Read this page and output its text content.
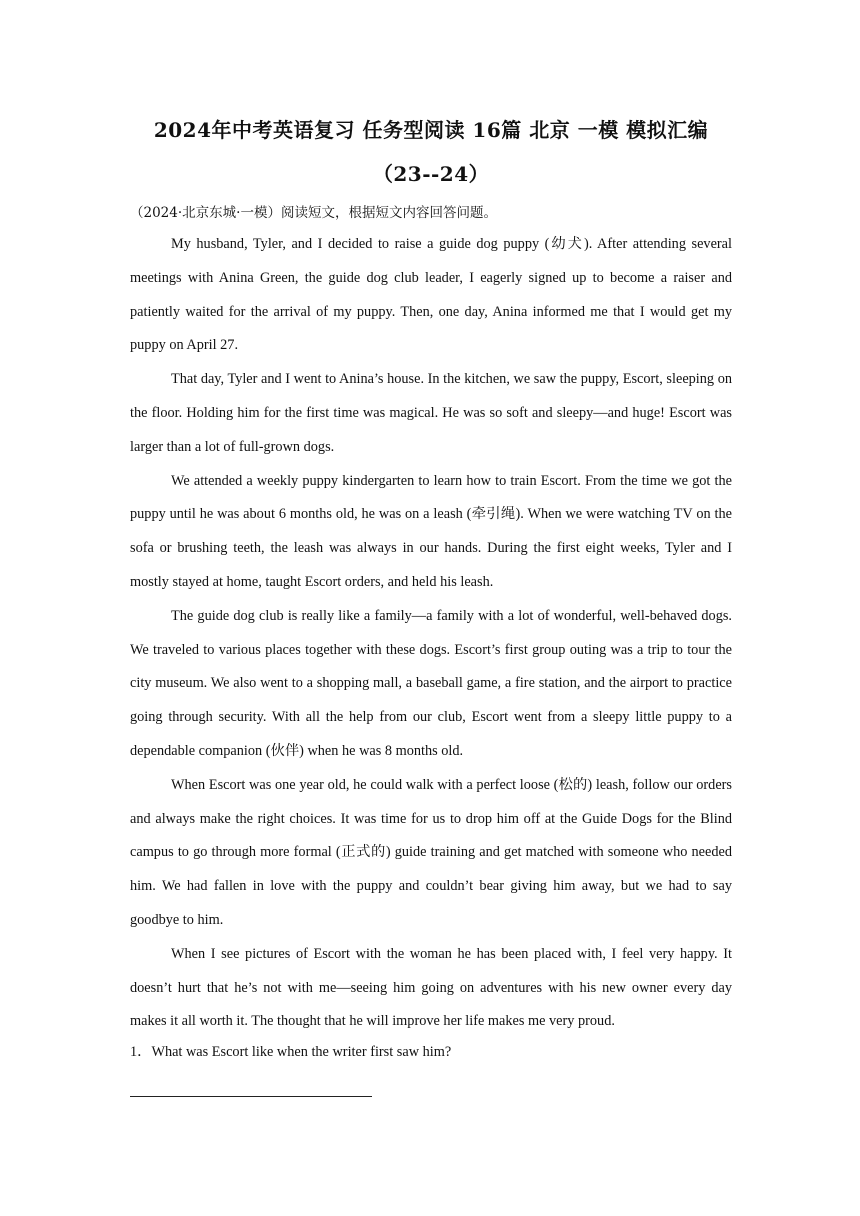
2024年中考英语复习 任务型阅读 16篇 北京 一模 模拟汇编
（23--24）
（2024·北京东城·一模）阅读短文，根据短文内容回答问题。

My husband, Tyler, and I decided to raise a guide dog puppy (幼犬). After attending several meetings with Anina Green, the guide dog club leader, I eagerly signed up to become a raiser and patiently waited for the arrival of my puppy. Then, one day, Anina informed me that I would get my puppy on April 27.

That day, Tyler and I went to Anina’s house. In the kitchen, we saw the puppy, Escort, sleeping on the floor. Holding him for the first time was magical. He was so soft and sleepy—and huge! Escort was larger than a lot of full-grown dogs.

We attended a weekly puppy kindergarten to learn how to train Escort. From the time we got the puppy until he was about 6 months old, he was on a leash (牵引绳). When we were watching TV on the sofa or brushing teeth, the leash was always in our hands. During the first eight weeks, Tyler and I mostly stayed at home, taught Escort orders, and held his leash.

The guide dog club is really like a family—a family with a lot of wonderful, well-behaved dogs. We traveled to various places together with these dogs. Escort’s first group outing was a trip to tour the city museum. We also went to a shopping mall, a baseball game, a fire station, and the airport to practice going through security. With all the help from our club, Escort went from a sleepy little puppy to a dependable companion (伙伴) when he was 8 months old.

When Escort was one year old, he could walk with a perfect loose (松的) leash, follow our orders and always make the right choices. It was time for us to drop him off at the Guide Dogs for the Blind campus to go through more formal (正式的) guide training and get matched with someone who needed him. We had fallen in love with the puppy and couldn’t bear giving him away, but we had to say goodbye to him.

When I see pictures of Escort with the woman he has been placed with, I feel very happy. It doesn’t hurt that he’s not with me—seeing him going on adventures with his new owner every day makes it all worth it. The thought that he will improve her life makes me very proud.

1．What was Escort like when the writer first saw him?
